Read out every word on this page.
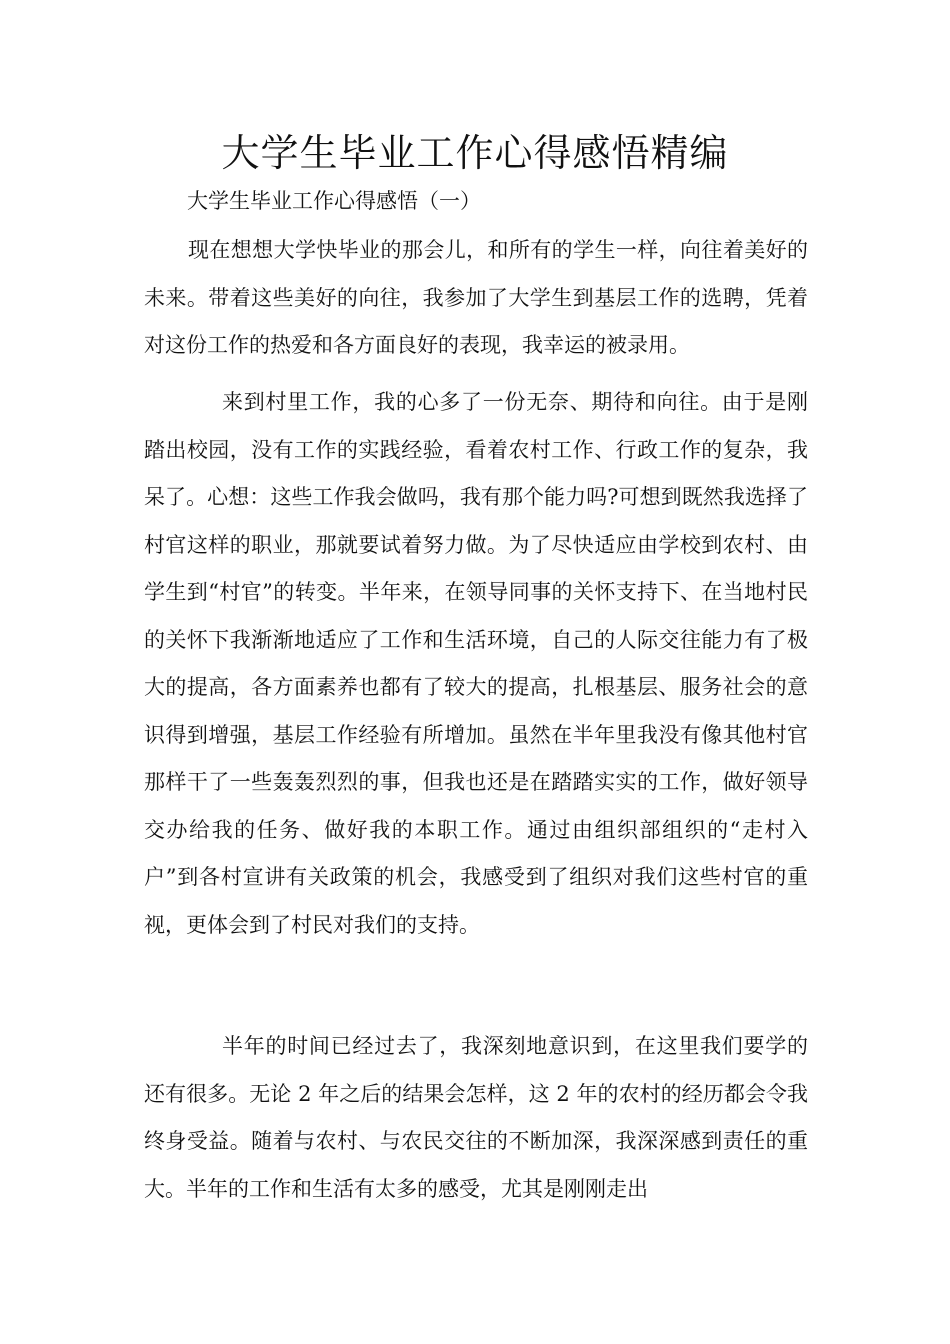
大学生毕业工作心得感悟精编

大学生毕业工作心得感悟（一）

现在想想大学快毕业的那会儿，和所有的学生一样，向往着美好的未来。带着这些美好的向往，我参加了大学生到基层工作的选聘，凭着对这份工作的热爱和各方面良好的表现，我幸运的被录用。

来到村里工作，我的心多了一份无奈、期待和向往。由于是刚踏出校园，没有工作的实践经验，看着农村工作、行政工作的复杂，我呆了。心想：这些工作我会做吗，我有那个能力吗?可想到既然我选择了村官这样的职业，那就要试着努力做。为了尽快适应由学校到农村、由学生到“村官”的转变。半年来，在领导同事的关怀支持下、在当地村民的关怀下我渐渐地适应了工作和生活环境，自己的人际交往能力有了极大的提高，各方面素养也都有了较大的提高，扎根基层、服务社会的意识得到增强，基层工作经验有所增加。虽然在半年里我没有像其他村官那样干了一些轰轰烈烈的事，但我也还是在踏踏实实的工作，做好领导交办给我的任务、做好我的本职工作。通过由组织部组织的“走村入户”到各村宣讲有关政策的机会，我感受到了组织对我们这些村官的重视，更体会到了村民对我们的支持。

半年的时间已经过去了，我深刻地意识到，在这里我们要学的还有很多。无论 2 年之后的结果会怎样，这 2 年的农村的经历都会令我终身受益。随着与农村、与农民交往的不断加深，我深深感到责任的重大。半年的工作和生活有太多的感受，尤其是刚刚走出
